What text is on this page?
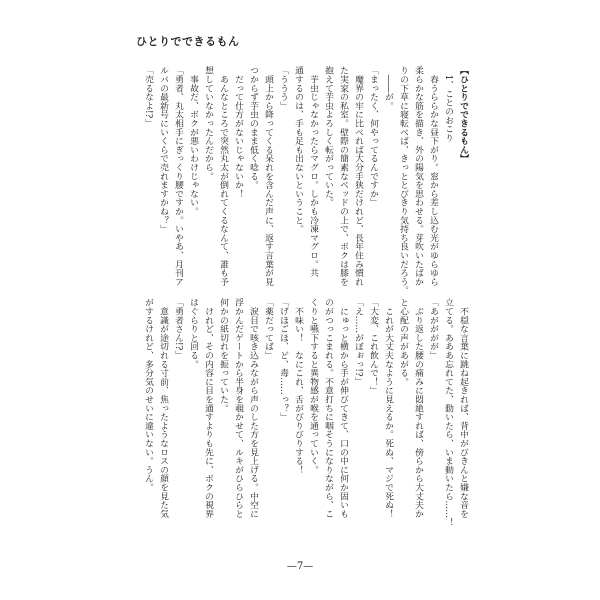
ひとりでできるもん
【ひとりでできるもん】
　1、ことのおこり
　春うららかな昼下がり。窓から差し込む光がゆらゆら
柔らかな筋を描き、外の陽気を思わせる。芽吹いたばか
りの下草に寝転べば、きっととびきり気持ち良いだろう。
　――が。
「まったく、何やってるんですか」
　魔界の牢に比べれば大分手狭だけれど、長年住み慣れ
た実家の私室。壁際の簡素なベッドの上で、ボクは膝を
抱えて芋虫よろしく転がっていた。
　芋虫じゃなかったらマグロ。しかも冷凍マグロ。共
通するのは、手も足も出ないということ。
「ううう」
　頭上から降ってくる呆れを含んだ声に、返す言葉が見
つからず芋虫のまま低く唸る。
　だって仕方がないじゃないか！
　あんなところで突然丸太が倒れてくるなんて、誰も予
想していなかったんだから。
　事故だ、ボクが悪いわけじゃない。
「勇者、丸太相手にぎっくり腰ですか。いやあ、月刊ア
ルバの最新号にいくらで売れますかね？」
「売るなよ!?」
　不穏な言葉に跳ね起きれば、背中がびきんと嫌な音を
立てる。あああ忘れてた、動いたら、いま動いたら……！
「あがががが」
　ぶり返した腰の痛みに悶絶すれば、傍らから大丈夫か
と心配の声があがる。
　これが大丈夫なように見えるか。死ぬ、マジで死ぬ！
「大変、これ飲んで！」
「え……がぼぉっ!?」
　にゅっと横から手が伸びてきて、口の中に何か固いも
のがつっこまれる。不意打ちに咽そうになりながら、こ
くりと嚥下すると異物感が喉を通っていく。
　不味い！　なにこれ、舌がびりびりする！
「げほごほ、ど、毒……っ？」
「薬だってば」
　涙目で咳き込みながら声のした方を見上げる。中空に
浮かんだゲートから半身を覗かせて、ルキがひらひらと
何かの紙切れを振っていた。
　けれど、その内容に目を通すよりも先に、ボクの視界
はぐらりと回る。
「勇者さん!?」
　意識が途切れる寸前、焦ったようなロスの顔を見た気
がするけれど、多分気のせいに違いない。うん。
—7—
